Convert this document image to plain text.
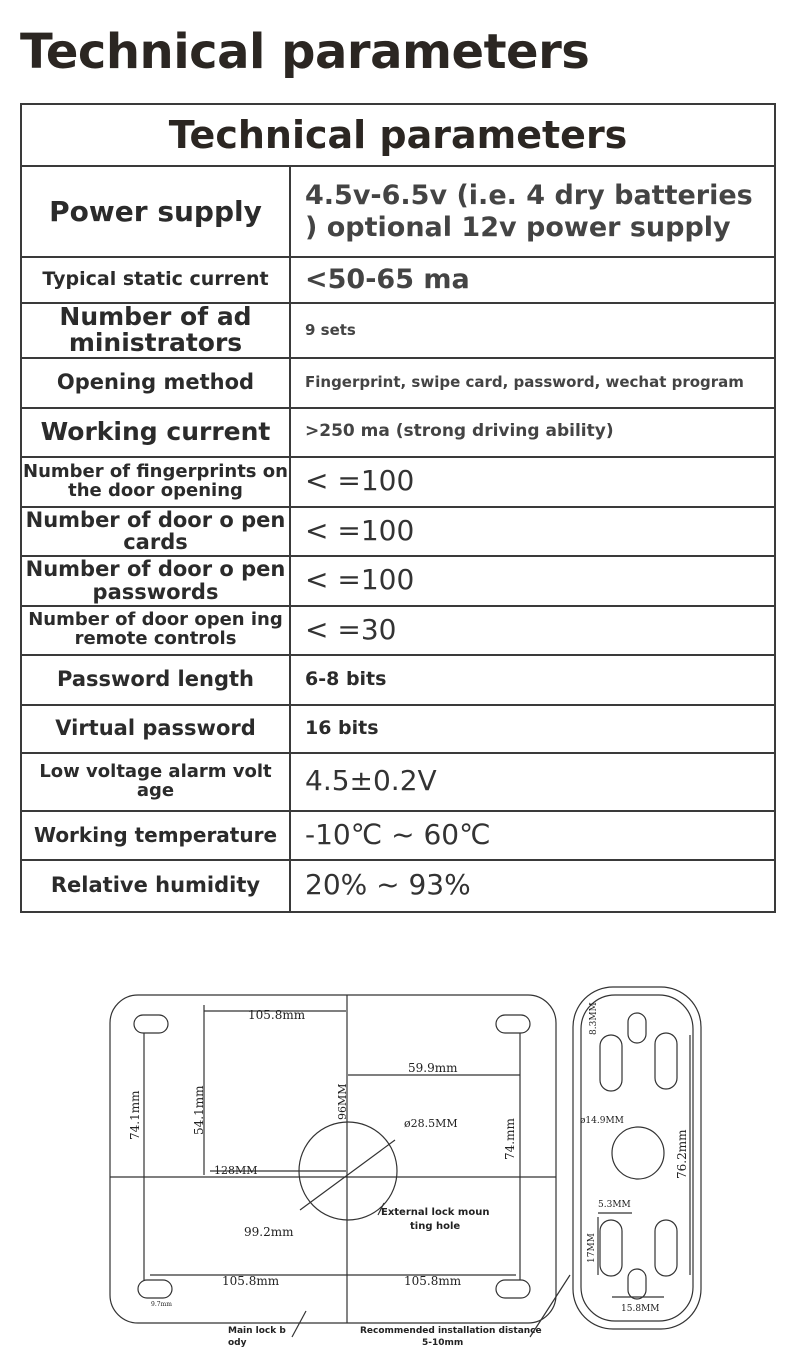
Technical parameters
Technical parameters	
Power supply	4.5v-6.5v (i.e. 4 dry batteries ) optional 12v power supply
Typical static current	<50-65 ma
Number of ad ministrators	9 sets
Opening method	Fingerprint, swipe card, password, wechat program
Working current	>250 ma (strong driving ability)
Number of fingerprints on the door opening	< =100
Number of door o pen cards	< =100
Number of door o pen passwords	< =100
Number of door open ing remote controls	< =30
Password length	6-8 bits
Virtual password	16 bits
Low voltage alarm volt age	4.5±0.2V
Working temperature	-10℃ ~ 60℃
Relative humidity	20% ~ 93%
105.8mm
59.9mm
74.1mm	54.1mm	96MM
ø28.5MM	74.mm
128MM
99.2mm
105.8mm	105.8mm
9.7mm
External lock moun
ting hole
Main lock b
ody
Recommended installation distance
5-10mm
8.3MM
ø14.9MM
76.2mm
5.3MM
17MM
15.8MM
